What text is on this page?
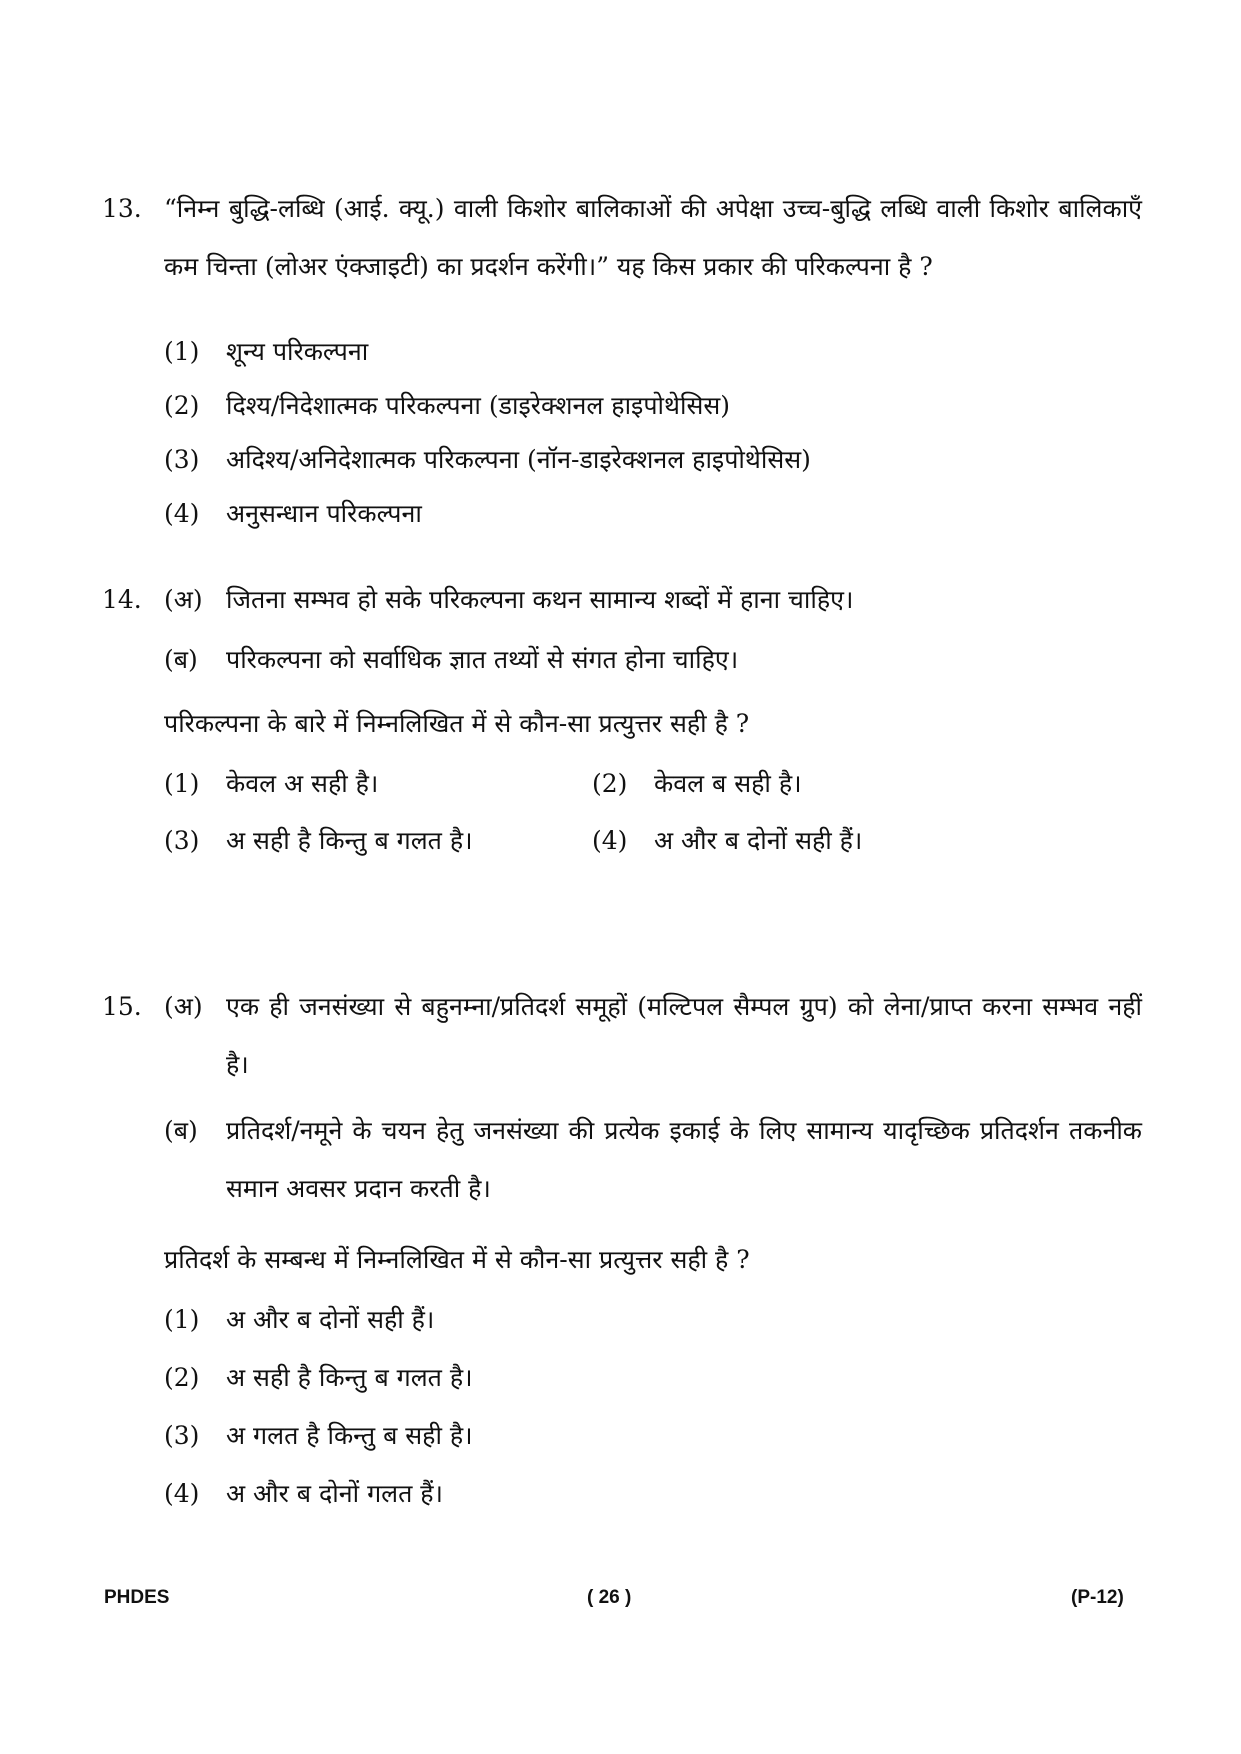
13. “निम्न बुद्धि-लब्धि (आई. क्यू.) वाली किशोर बालिकाओं की अपेक्षा उच्च-बुद्धि लब्धि वाली किशोर बालिकाएँ कम चिन्ता (लोअर एंक्जाइटी) का प्रदर्शन करेंगी।” यह किस प्रकार की परिकल्पना है ?
(1) शून्य परिकल्पना
(2) दिश्य/निदेशात्मक परिकल्पना (डाइरेक्शनल हाइपोथेसिस)
(3) अदिश्य/अनिदेशात्मक परिकल्पना (नॉन-डाइरेक्शनल हाइपोथेसिस)
(4) अनुसन्धान परिकल्पना
14. (अ) जितना सम्भव हो सके परिकल्पना कथन सामान्य शब्दों में हाना चाहिए।
(ब) परिकल्पना को सर्वाधिक ज्ञात तथ्यों से संगत होना चाहिए।
परिकल्पना के बारे में निम्नलिखित में से कौन-सा प्रत्युत्तर सही है ?
(1) केवल अ सही है।	(2) केवल ब सही है।
(3) अ सही है किन्तु ब गलत है।	(4) अ और ब दोनों सही हैं।
15. (अ) एक ही जनसंख्या से बहुनम्ना/प्रतिदर्श समूहों (मल्टिपल सैम्पल ग्रुप) को लेना/प्राप्त करना सम्भव नहीं है।
(ब) प्रतिदर्श/नमूने के चयन हेतु जनसंख्या की प्रत्येक इकाई के लिए सामान्य यादृच्छिक प्रतिदर्शन तकनीक समान अवसर प्रदान करती है।
प्रतिदर्श के सम्बन्ध में निम्नलिखित में से कौन-सा प्रत्युत्तर सही है ?
(1) अ और ब दोनों सही हैं।
(2) अ सही है किन्तु ब गलत है।
(3) अ गलत है किन्तु ब सही है।
(4) अ और ब दोनों गलत हैं।
PHDES	( 26 )	(P-12)
